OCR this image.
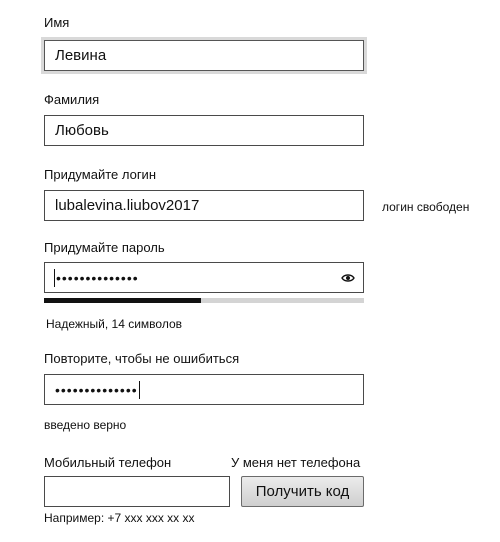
Имя
Левина
Фамилия
Любовь
Придумайте логин
lubalevina.liubov2017	логин свободен
Придумайте пароль
••••••••••••••
Надежный, 14 символов
Повторите, чтобы не ошибиться
••••••••••••••
введено верно
Мобильный телефон	У меня нет телефона
Получить код
Например: +7 xxx xxx xx xx
